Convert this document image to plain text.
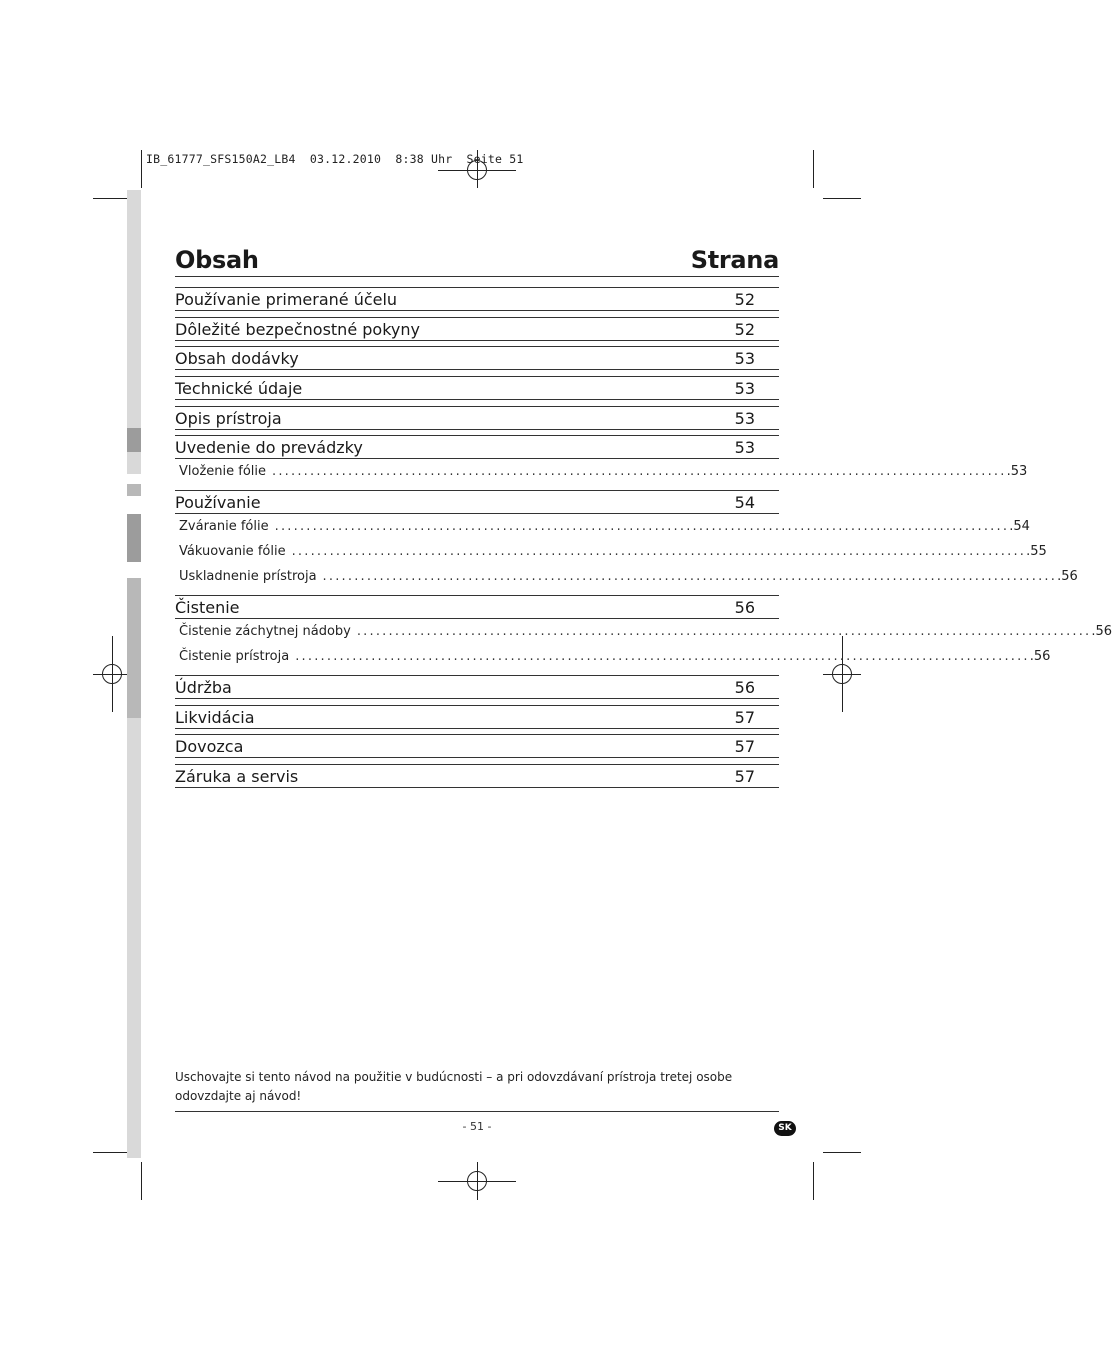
IB_61777_SFS150A2_LB4  03.12.2010  8:38 Uhr  Seite 51
Obsah	Strana
Používanie primerané účelu	52
Dôležité bezpečnostné pokyny	52
Obsah dodávky	53
Technické údaje	53
Opis prístroja	53
Uvedenie do prevádzky	53
Vloženie fólie .................................................................................................................... .53
Používanie	54
Zváranie fólie .................................................................................................................... .54
Vákuovanie fólie .................................................................................................................... .55
Uskladnenie prístroja .................................................................................................................... .56
Čistenie	56
Čistenie záchytnej nádoby .................................................................................................................... .56
Čistenie prístroja .................................................................................................................... .56
Údržba	56
Likvidácia	57
Dovozca	57
Záruka a servis	57
Uschovajte si tento návod na použitie v budúcnosti – a pri odovzdávaní prístroja tretej osobe odovzdajte aj návod!
- 51 -	SK
